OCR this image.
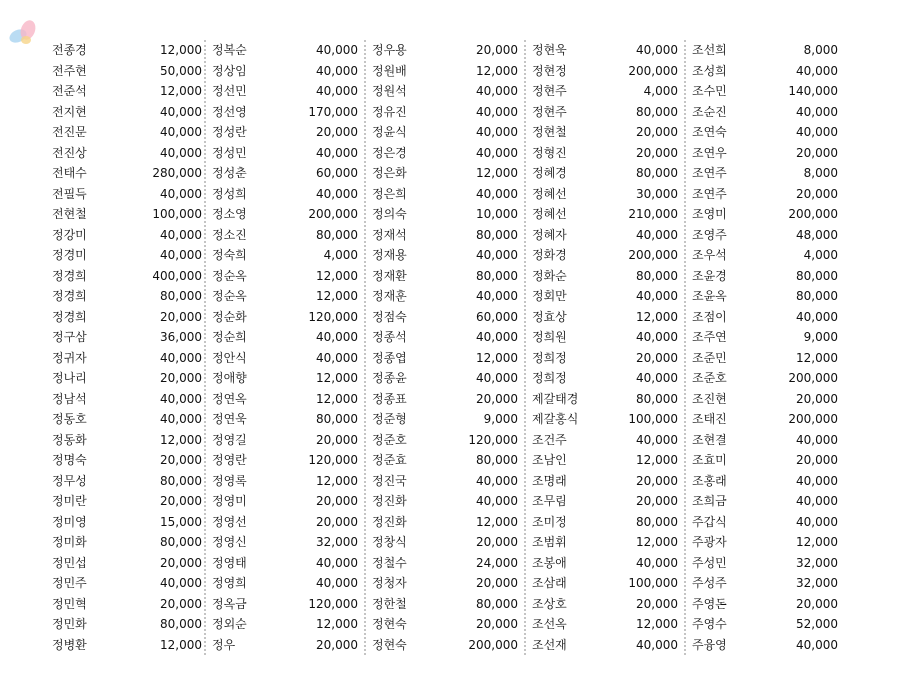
전종경	12,000
전주현	50,000
전준석	12,000
전지현	40,000
전진문	40,000
전진상	40,000
전태수	280,000
전필득	40,000
전현철	100,000
정강미	40,000
정경미	40,000
정경희	400,000
정경희	80,000
정경희	20,000
정구삼	36,000
정귀자	40,000
정나리	20,000
정남석	40,000
정동호	40,000
정동화	12,000
정명숙	20,000
정무성	80,000
정미란	20,000
정미영	15,000
정미화	80,000
정민섭	20,000
정민주	40,000
정민혁	20,000
정민화	80,000
정병환	12,000
정복순	40,000
정상임	40,000
정선민	40,000
정선영	170,000
정성란	20,000
정성민	40,000
정성춘	60,000
정성희	40,000
정소영	200,000
정소진	80,000
정숙희	4,000
정순옥	12,000
정순옥	12,000
정순화	120,000
정순희	40,000
정안식	40,000
정애향	12,000
정연옥	12,000
정연욱	80,000
정영길	20,000
정영란	120,000
정영록	12,000
정영미	20,000
정영선	20,000
정영신	32,000
정영태	40,000
정영희	40,000
정옥금	120,000
정외순	12,000
정우	20,000
정우용	20,000
정원배	12,000
정원석	40,000
정유진	40,000
정윤식	40,000
정은경	40,000
정은화	12,000
정은희	40,000
정의숙	10,000
정재석	80,000
정재용	40,000
정재환	80,000
정재훈	40,000
정점숙	60,000
정종석	40,000
정종엽	12,000
정종윤	40,000
정종표	20,000
정준형	9,000
정준호	120,000
정준효	80,000
정진국	40,000
정진화	40,000
정진화	12,000
정창식	20,000
정철수	24,000
정청자	20,000
정한철	80,000
정현숙	20,000
정현숙	200,000
정현욱	40,000
정현정	200,000
정현주	4,000
정현주	80,000
정현철	20,000
정형진	20,000
정혜경	80,000
정혜선	30,000
정혜선	210,000
정혜자	40,000
정화경	200,000
정화순	80,000
정회만	40,000
정효상	12,000
정희원	40,000
정희정	20,000
정희정	40,000
제갈태경	80,000
제갈홍식	100,000
조건주	40,000
조남인	12,000
조명래	20,000
조무림	20,000
조미정	80,000
조범휘	12,000
조봉애	40,000
조삼래	100,000
조상호	20,000
조선옥	12,000
조선재	40,000
조선희	8,000
조성희	40,000
조수민	140,000
조순진	40,000
조연숙	40,000
조연우	20,000
조연주	8,000
조연주	20,000
조영미	200,000
조영주	48,000
조우석	4,000
조윤경	80,000
조윤옥	80,000
조점이	40,000
조주연	9,000
조준민	12,000
조준호	200,000
조진현	20,000
조태진	200,000
조현결	40,000
조효미	20,000
조홍래	40,000
조희금	40,000
주갑식	40,000
주광자	12,000
주성민	32,000
주성주	32,000
주영돈	20,000
주영수	52,000
주융영	40,000
